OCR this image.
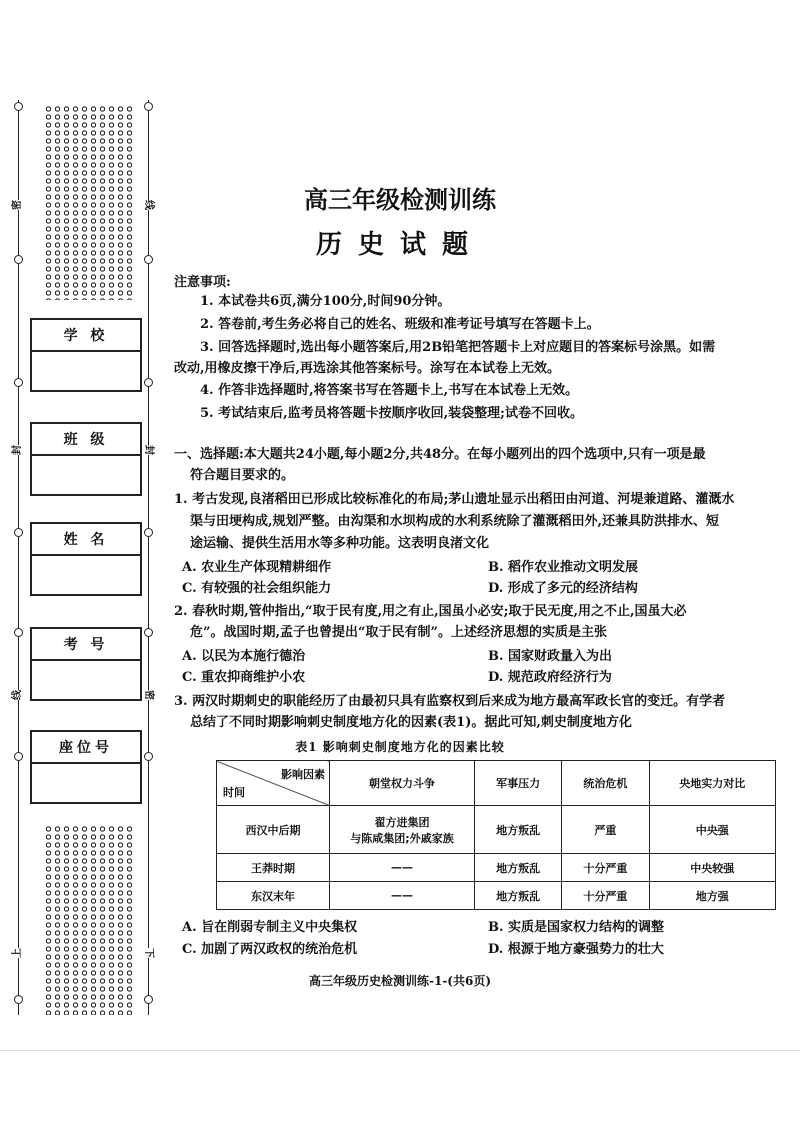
密
封
线
线
封
密
上	下
学 校
班 级
姓 名
考 号
座位号
高三年级检测训练
历史试题
注意事项:
1. 本试卷共6页,满分100分,时间90分钟。
2. 答卷前,考生务必将自己的姓名、班级和准考证号填写在答题卡上。
3. 回答选择题时,选出每小题答案后,用2B铅笔把答题卡上对应题目的答案标号涂黑。如需
改动,用橡皮擦干净后,再选涂其他答案标号。涂写在本试卷上无效。
4. 作答非选择题时,将答案书写在答题卡上,书写在本试卷上无效。
5. 考试结束后,监考员将答题卡按顺序收回,装袋整理;试卷不回收。
一、选择题:本大题共24小题,每小题2分,共48分。在每小题列出的四个选项中,只有一项是最
符合题目要求的。
1. 考古发现,良渚稻田已形成比较标准化的布局;茅山遗址显示出稻田由河道、河堤兼道路、灌溉水
渠与田埂构成,规划严整。由沟渠和水坝构成的水利系统除了灌溉稻田外,还兼具防洪排水、短
途运输、提供生活用水等多种功能。这表明良渚文化
A. 农业生产体现精耕细作	B. 稻作农业推动文明发展
C. 有较强的社会组织能力	D. 形成了多元的经济结构
2. 春秋时期,管仲指出,“取于民有度,用之有止,国虽小必安;取于民无度,用之不止,国虽大必
危”。战国时期,孟子也曾提出“取于民有制”。上述经济思想的实质是主张
A. 以民为本施行德治	B. 国家财政量入为出
C. 重农抑商维护小农	D. 规范政府经济行为
3. 两汉时期刺史的职能经历了由最初只具有监察权到后来成为地方最高军政长官的变迁。有学者
总结了不同时期影响刺史制度地方化的因素(表1)。据此可知,刺史制度地方化
表1 影响刺史制度地方化的因素比较
影响因素
时间	朝堂权力斗争	军事压力	统治危机	央地实力对比
西汉中后期	翟方进集团
与陈咸集团;外戚家族	地方叛乱	严重	中央强
王莽时期	——	地方叛乱	十分严重	中央较强
东汉末年	——	地方叛乱	十分严重	地方强
A. 旨在削弱专制主义中央集权	B. 实质是国家权力结构的调整
C. 加剧了两汉政权的统治危机	D. 根源于地方豪强势力的壮大
高三年级历史检测训练-1-(共6页)
